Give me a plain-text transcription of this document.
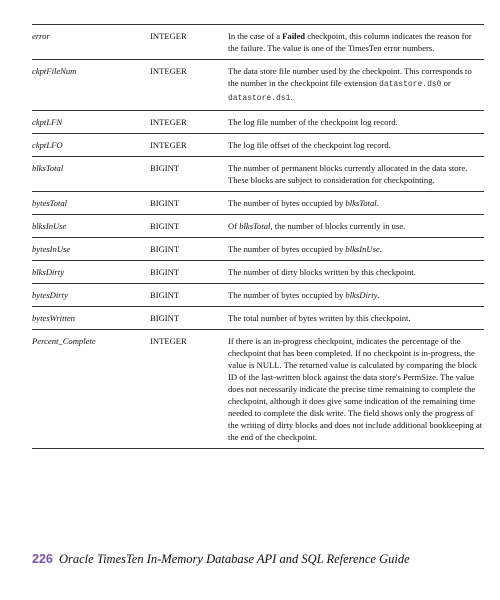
error	INTEGER	In the case of a Failed checkpoint, this column indicates the reason for the failure. The value is one of the TimesTen error numbers.
ckptFileNum	INTEGER	The data store file number used by the checkpoint. This corresponds to the number in the checkpoint file extension datastore.ds0 or datastore.ds1.
ckptLFN	INTEGER	The log file number of the checkpoint log record.
ckptLFO	INTEGER	The log file offset of the checkpoint log record.
blksTotal	BIGINT	The number of permanent blocks currently allocated in the data store. These blocks are subject to consideration for checkpointing.
bytesTotal	BIGINT	The number of bytes occupied by blksTotal.
blksInUse	BIGINT	Of blksTotal, the number of blocks currently in use.
bytesInUse	BIGINT	The number of bytes occupied by blksInUse.
blksDirty	BIGINT	The number of dirty blocks written by this checkpoint.
bytesDirty	BIGINT	The number of bytes occupied by blksDirty.
bytesWritten	BIGINT	The total number of bytes written by this checkpoint.
Percent_Complete	INTEGER	If there is an in-progress checkpoint, indicates the percentage of the checkpoint that has been completed. If no checkpoint is in-progress, the value is NULL. The returned value is calculated by comparing the block ID of the last-written block against the data store's PermSize. The value does not necessarily indicate the precise time remaining to complete the checkpoint, although it does give some indication of the remaining time needed to complete the disk write. The field shows only the progress of the writing of dirty blocks and does not include additional bookkeeping at the end of the checkpoint.
226 Oracle TimesTen In-Memory Database API and SQL Reference Guide
